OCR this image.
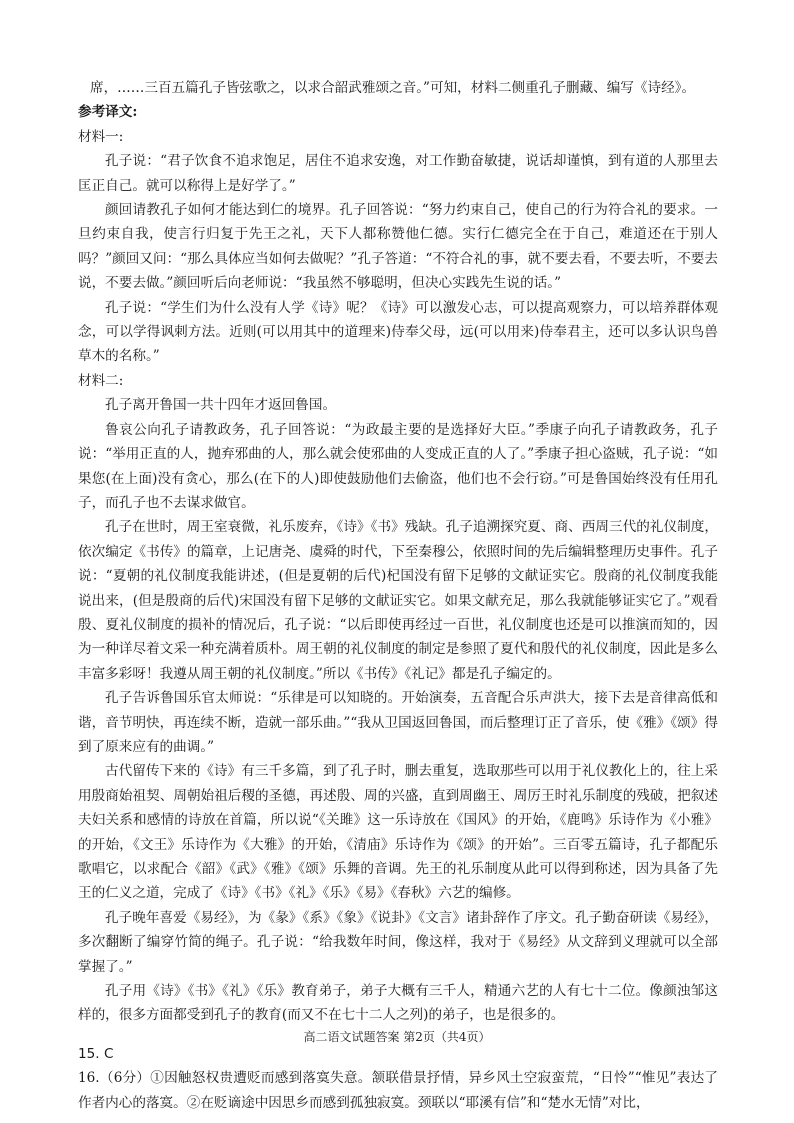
席，……三百五篇孔子皆弦歌之，以求合韶武雅颂之音。”可知，材料二侧重孔子删藏、编写《诗经》。

参考译文:

材料一:

孔子说：“君子饮食不追求饱足，居住不追求安逸，对工作勤奋敏捷，说话却谨慎，到有道的人那里去匡正自己。就可以称得上是好学了。”

颜回请教孔子如何才能达到仁的境界。孔子回答说：“努力约束自己，使自己的行为符合礼的要求。一旦约束自我，使言行归复于先王之礼，天下人都称赞他仁德。实行仁德完全在于自己，难道还在于别人吗？”颜回又问：“那么具体应当如何去做呢？”孔子答道：“不符合礼的事，就不要去看，不要去听，不要去说，不要去做。”颜回听后向老师说：“我虽然不够聪明，但决心实践先生说的话。”

孔子说：“学生们为什么没有人学《诗》呢？《诗》可以激发心志，可以提高观察力，可以培养群体观念，可以学得讽刺方法。近则(可以用其中的道理来)侍奉父母，远(可以用来)侍奉君主，还可以多认识鸟兽草木的名称。”

材料二:

孔子离开鲁国一共十四年才返回鲁国。

鲁哀公向孔子请教政务，孔子回答说：“为政最主要的是选择好大臣。”季康子向孔子请教政务，孔子说：“举用正直的人，抛弃邪曲的人，那么就会使邪曲的人变成正直的人了。”季康子担心盗贼，孔子说：“如果您(在上面)没有贪心，那么(在下的人)即使鼓励他们去偷盗，他们也不会行窃。”可是鲁国始终没有任用孔子，而孔子也不去谋求做官。

孔子在世时，周王室衰微，礼乐废弃，《诗》《书》残缺。孔子追溯探究夏、商、西周三代的礼仪制度，依次编定《书传》的篇章，上记唐尧、虞舜的时代，下至秦穆公，依照时间的先后编辑整理历史事件。孔子说：“夏朝的礼仪制度我能讲述，(但是夏朝的后代)杞国没有留下足够的文献证实它。殷商的礼仪制度我能说出来，(但是殷商的后代)宋国没有留下足够的文献证实它。如果文献充足，那么我就能够证实它了。”观看殷、夏礼仪制度的损补的情况后，孔子说：“以后即使再经过一百世，礼仪制度也还是可以推演而知的，因为一种详尽着文采一种充满着质朴。周王朝的礼仪制度的制定是参照了夏代和殷代的礼仪制度，因此是多么丰富多彩呀！我遵从周王朝的礼仪制度。”所以《书传》《礼记》都是孔子编定的。

孔子告诉鲁国乐官太师说：“乐律是可以知晓的。开始演奏，五音配合乐声洪大，接下去是音律高低和谐，音节明快，再连续不断，造就一部乐曲。”“我从卫国返回鲁国，而后整理订正了音乐，使《雅》《颂》得到了原来应有的曲调。”

古代留传下来的《诗》有三千多篇，到了孔子时，删去重复，选取那些可以用于礼仪教化上的，往上采用殷商始祖契、周朝始祖后稷的圣德，再述殷、周的兴盛，直到周幽王、周厉王时礼乐制度的残破，把叙述夫妇关系和感情的诗放在首篇，所以说“《关雎》这一乐诗放在《国风》的开始，《鹿鸣》乐诗作为《小雅》的开始，《文王》乐诗作为《大雅》的开始，《清庙》乐诗作为《颂》的开始”。三百零五篇诗，孔子都配乐歌唱它，以求配合《韶》《武》《雅》《颂》乐舞的音调。先王的礼乐制度从此可以得到称述，因为具备了先王的仁义之道，完成了《诗》《书》《礼》《乐》《易》《春秋》六艺的编修。

孔子晚年喜爱《易经》，为《彖》《系》《象》《说卦》《文言》诸卦辞作了序文。孔子勤奋研读《易经》，多次翻断了编穿竹简的绳子。孔子说：“给我数年时间，像这样，我对于《易经》从文辞到义理就可以全部掌握了。”

孔子用《诗》《书》《礼》《乐》教育弟子，弟子大概有三千人，精通六艺的人有七十二位。像颜浊邹这样的，很多方面都受到孔子的教育(而又不在七十二人之列)的弟子，也是很多的。

15. C

16.（6分）①因触怒权贵遭贬而感到落寞失意。颔联借景抒情，异乡风土空寂蛮荒，“日怜”“惟见”表达了作者内心的落寞。②在贬谪途中因思乡而感到孤独寂寞。颈联以“耶溪有信”和“楚水无情”对比，

高二语文试题答案 第2页（共4页）
